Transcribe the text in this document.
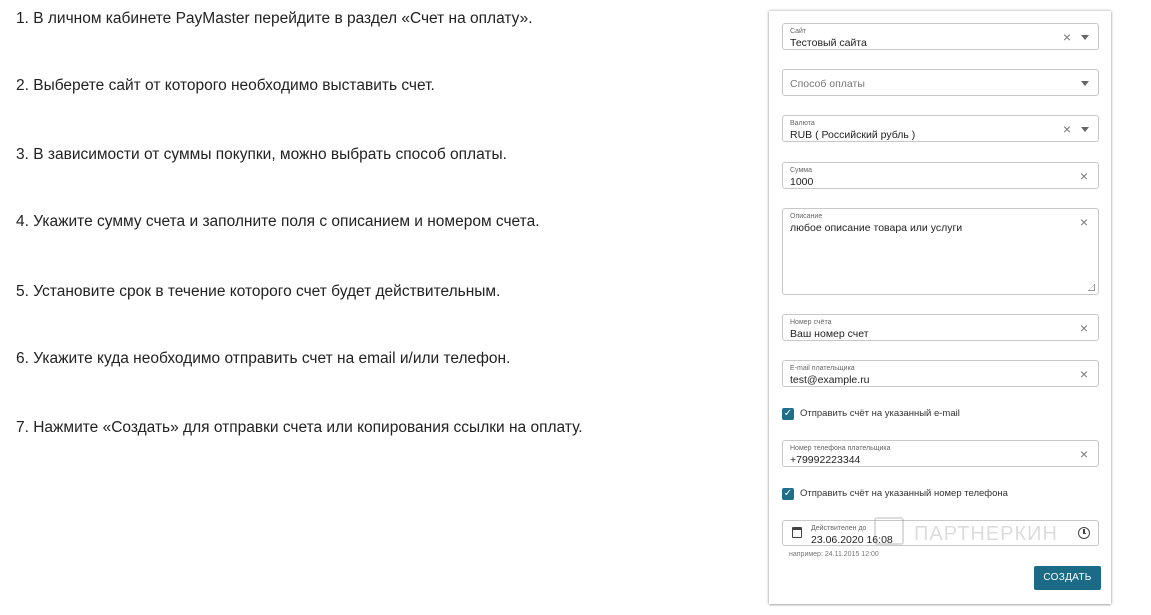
1. В личном кабинете PayMaster перейдите в раздел «Счет на оплату».
2. Выберете сайт от которого необходимо выставить счет.
3. В зависимости от суммы покупки, можно выбрать способ оплаты.
4. Укажите сумму счета и заполните поля с описанием и номером счета.
5. Установите срок в течение которого счет будет действительным.
6. Укажите куда необходимо отправить счет на email и/или телефон.
7. Нажмите «Создать» для отправки счета или копирования ссылки на оплату.
Сайт
Тестовый сайта	×
Способ оплаты
Валюта
RUB ( Российский рубль )	×
Сумма
1000	×
Описание
любое описание товара или услуги	×
Номер счёта
Ваш номер счет	×
E-mail плательщика
test@example.ru	×
✓ Отправить счёт на указанный e-mail
Номер телефона плательщика
+79992223344	×
✓ Отправить счёт на указанный номер телефона
Действителен до
23.06.2020 16:08
например: 24.11.2015 12:00
ПАРТНЕРКИН
СОЗДАТЬ
